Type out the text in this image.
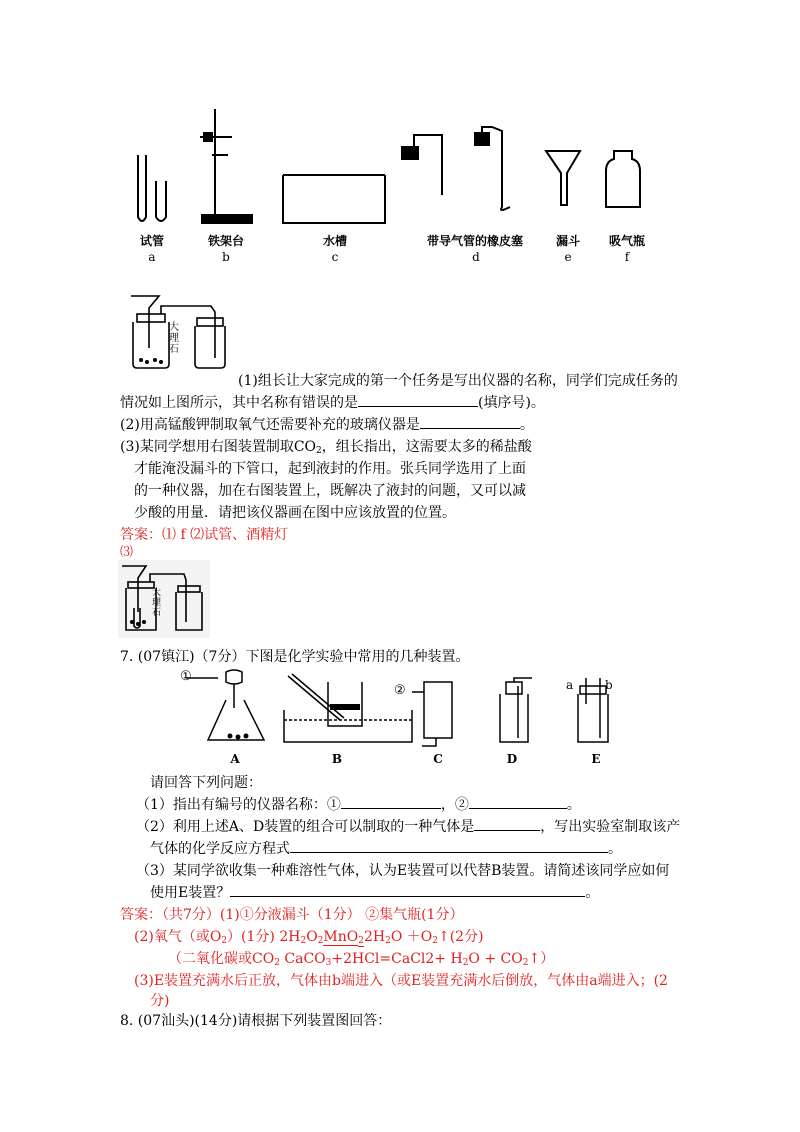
试管	铁架台	水槽	带导气管的橡皮塞	漏斗	吸气瓶
a	b	c	d	e	f
大
理
石
(1)组长让大家完成的第一个任务是写出仪器的名称，同学们完成任务的
情况如上图所示，其中名称有错误的是	(填序号)。
(2)用高锰酸钾制取氧气还需要补充的玻璃仪器是	。
(3)某同学想用右图装置制取$CO_2$，组长指出，这需要太多的稀盐酸
才能淹没漏斗的下管口，起到液封的作用。张兵同学选用了上面
的一种仪器，加在右图装置上，既解决了液封的问题，又可以减
少酸的用量．请把该仪器画在图中应该放置的位置。
答案：⑴ f ⑵试管、酒精灯
⑶
大
理
石
7. (07镇江)（7分）下图是化学实验中常用的几种装置。
①
②	a	b
A	B	C	D	E
请回答下列问题：
（1）指出有编号的仪器名称：①	，②	。
（2）利用上述A、D装置的组合可以制取的一种气体是	，写出实验室制取该产
气体的化学反应方程式	。
（3）某同学欲收集一种难溶性气体，认为E装置可以代替B装置。请简述该同学应如何
使用E装置？	。
答案：（共7分）(1)①分液漏斗（1分） ②集气瓶(1分）
(2)氧气（或$O_2)(1$分) $2H_2O_2MnO_22H_2O$ $+O_2↑(2$分)
（二氧化碳或$CO_2$ CaCO$_3$+2HCl=CaCl2+ $H_2O$ + $CO_2↑$）
(3)E装置充满水后正放，气体由b端进入（或E装置充满水后倒放，气体由a端进入；(2
分)
8. (07汕头)(14分)请根据下列装置图回答：
